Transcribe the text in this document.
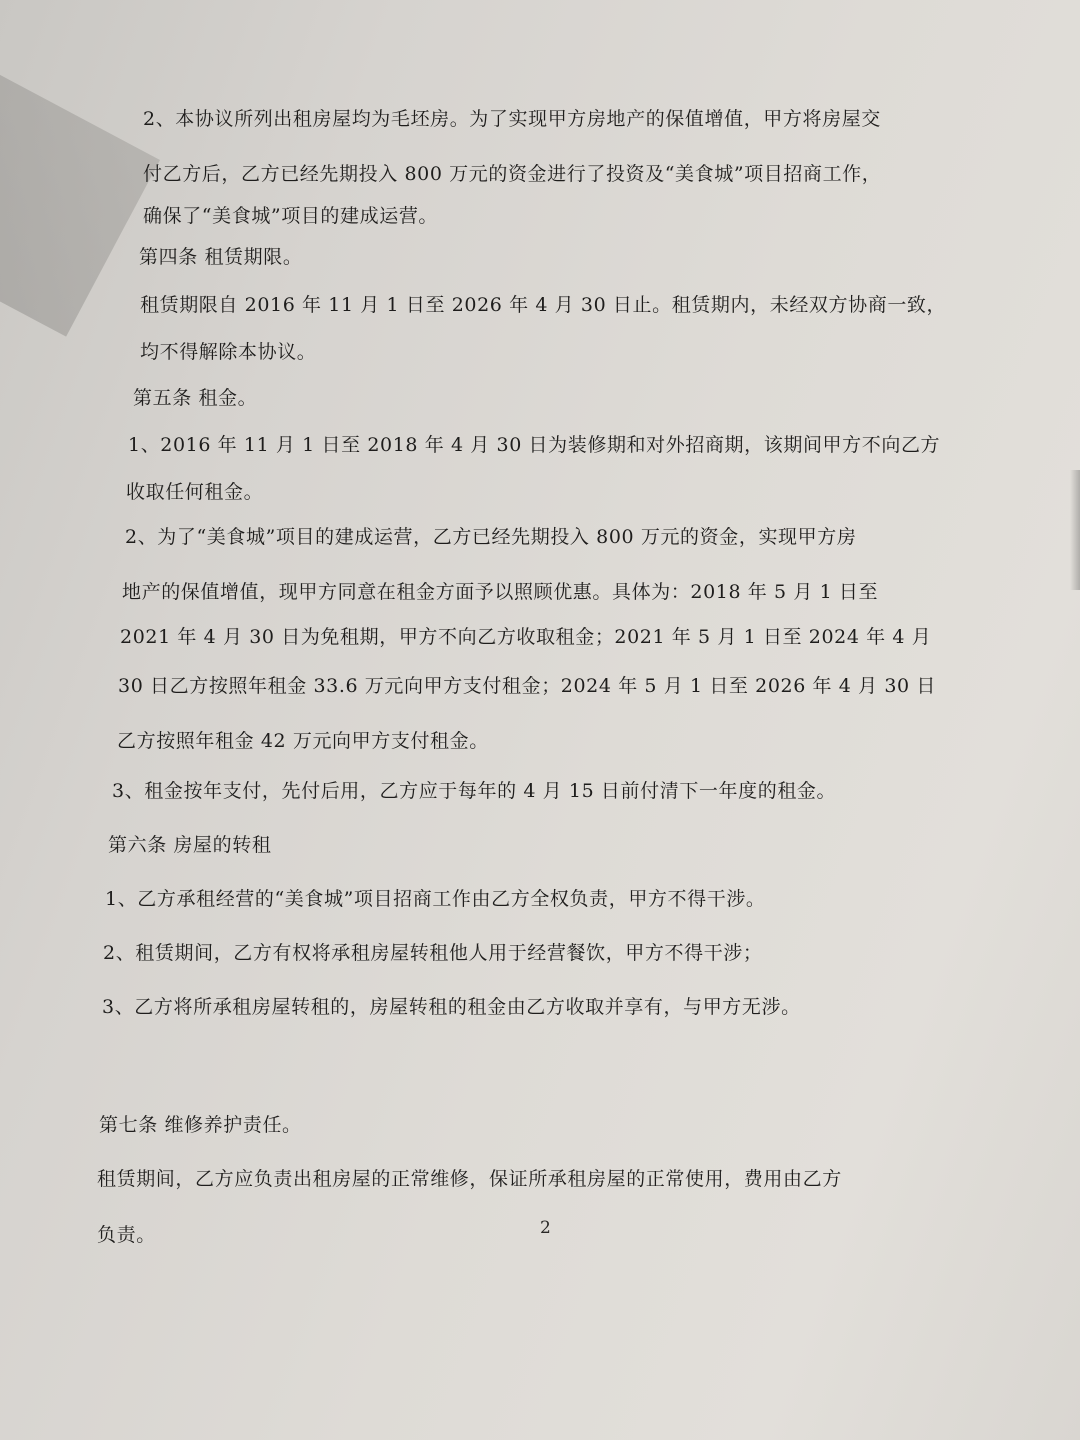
2、本协议所列出租房屋均为毛坯房。为了实现甲方房地产的保值增值，甲方将房屋交
付乙方后，乙方已经先期投入 800 万元的资金进行了投资及“美食城”项目招商工作，
确保了“美食城”项目的建成运营。
第四条 租赁期限。
租赁期限自 2016 年 11 月 1 日至 2026 年 4 月 30 日止。租赁期内，未经双方协商一致，
均不得解除本协议。
第五条 租金。
1、2016 年 11 月 1 日至 2018 年 4 月 30 日为装修期和对外招商期，该期间甲方不向乙方
收取任何租金。
2、为了“美食城”项目的建成运营，乙方已经先期投入 800 万元的资金，实现甲方房
地产的保值增值，现甲方同意在租金方面予以照顾优惠。具体为：2018 年 5 月 1 日至
2021 年 4 月 30 日为免租期，甲方不向乙方收取租金；2021 年 5 月 1 日至 2024 年 4 月
30 日乙方按照年租金 33.6 万元向甲方支付租金；2024 年 5 月 1 日至 2026 年 4 月 30 日
乙方按照年租金 42 万元向甲方支付租金。
3、租金按年支付，先付后用，乙方应于每年的 4 月 15 日前付清下一年度的租金。
第六条 房屋的转租
1、乙方承租经营的“美食城”项目招商工作由乙方全权负责，甲方不得干涉。
2、租赁期间，乙方有权将承租房屋转租他人用于经营餐饮，甲方不得干涉；
3、乙方将所承租房屋转租的，房屋转租的租金由乙方收取并享有，与甲方无涉。
第七条 维修养护责任。
租赁期间，乙方应负责出租房屋的正常维修，保证所承租房屋的正常使用，费用由乙方
负责。	2
